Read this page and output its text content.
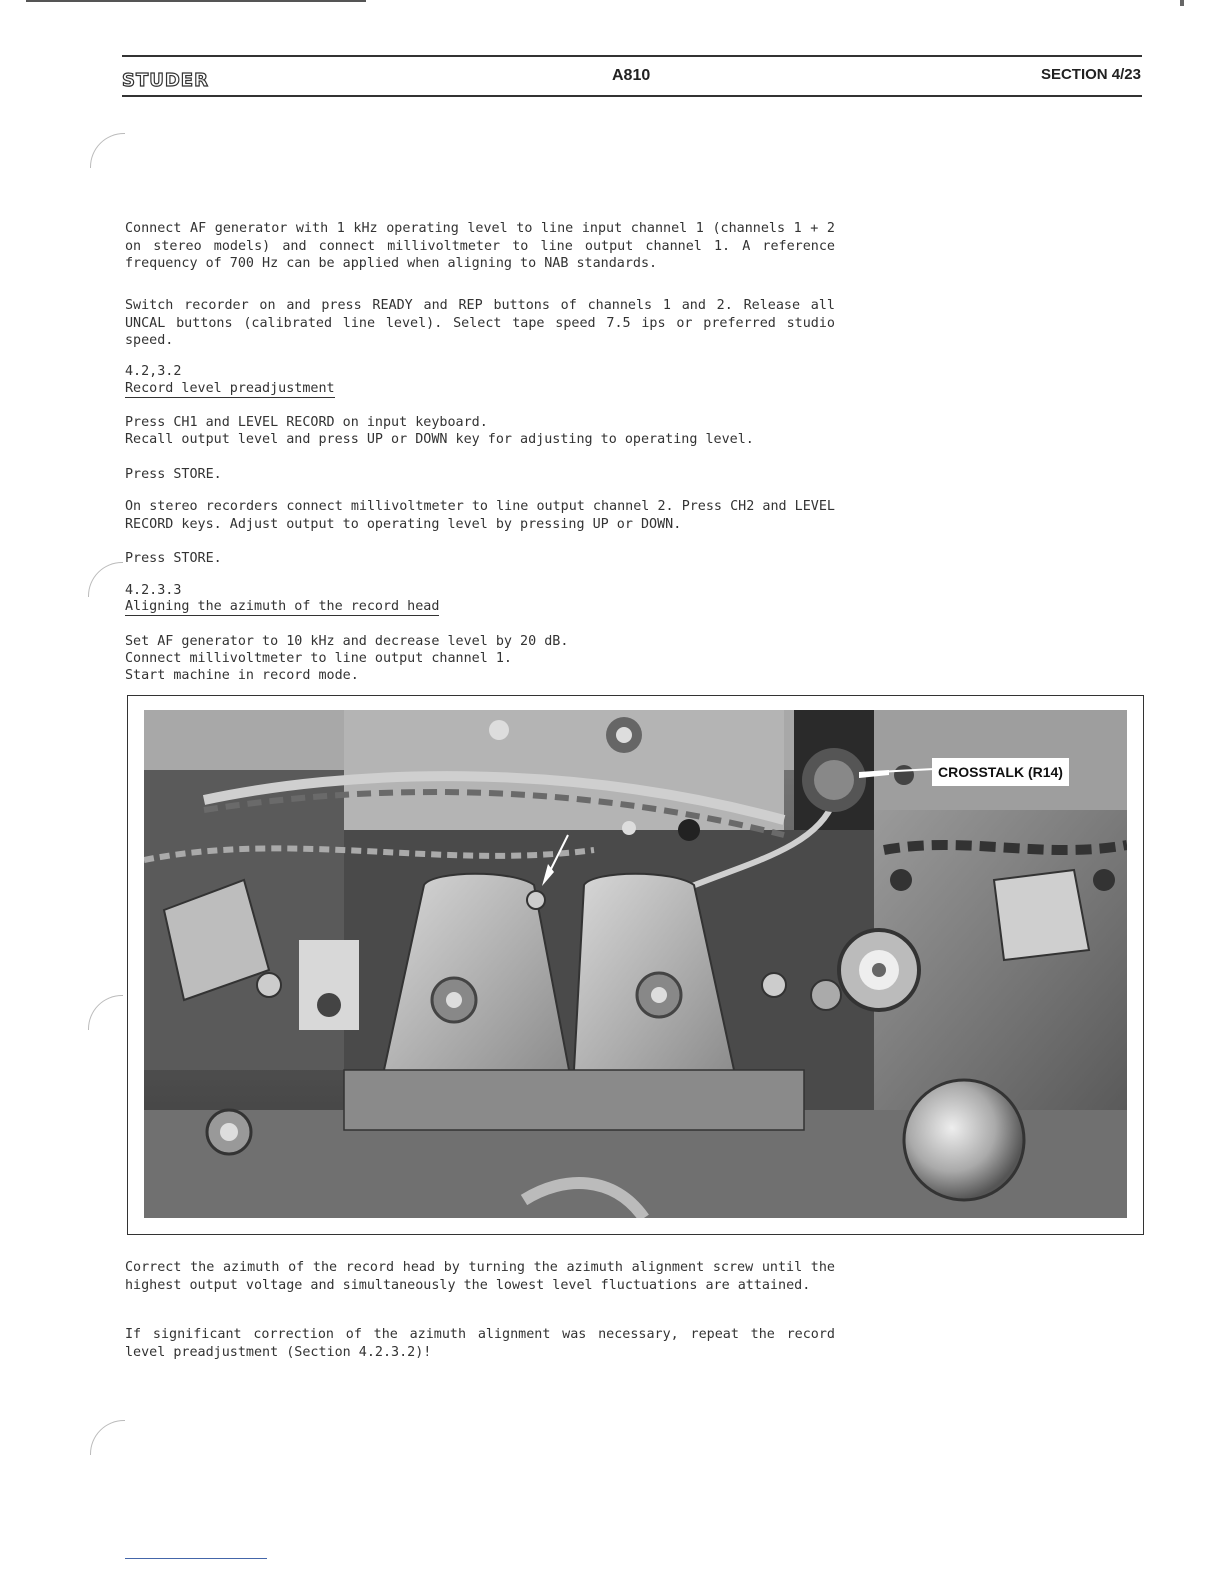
STUDER	A810	SECTION 4/23

Connect AF generator with 1 kHz operating level to line input channel 1 (channels 1 + 2 on stereo models) and connect millivoltmeter to line output channel 1. A reference frequency of 700 Hz can be applied when aligning to NAB standards.

Switch recorder on and press READY and REP buttons of channels 1 and 2. Release all UNCAL buttons (calibrated line level). Select tape speed 7.5 ips or preferred studio speed.

4.2,3.2
Record level preadjustment

Press CH1 and LEVEL RECORD on input keyboard.

Recall output level and press UP or DOWN key for adjusting to operating level.

Press STORE.

On stereo recorders connect millivoltmeter to line output channel 2. Press CH2 and LEVEL RECORD keys. Adjust output to operating level by pressing UP or DOWN.

Press STORE.

4.2.3.3
Aligning the azimuth of the record head

Set AF generator to 10 kHz and decrease level by 20 dB.

Connect millivoltmeter to line output channel 1.

Start machine in record mode.

CROSSTALK (R14)

Correct the azimuth of the record head by turning the azimuth alignment screw until the highest output voltage and simultaneously the lowest level fluctuations are attained.

If significant correction of the azimuth alignment was necessary, repeat the record level preadjustment (Section 4.2.3.2)!
